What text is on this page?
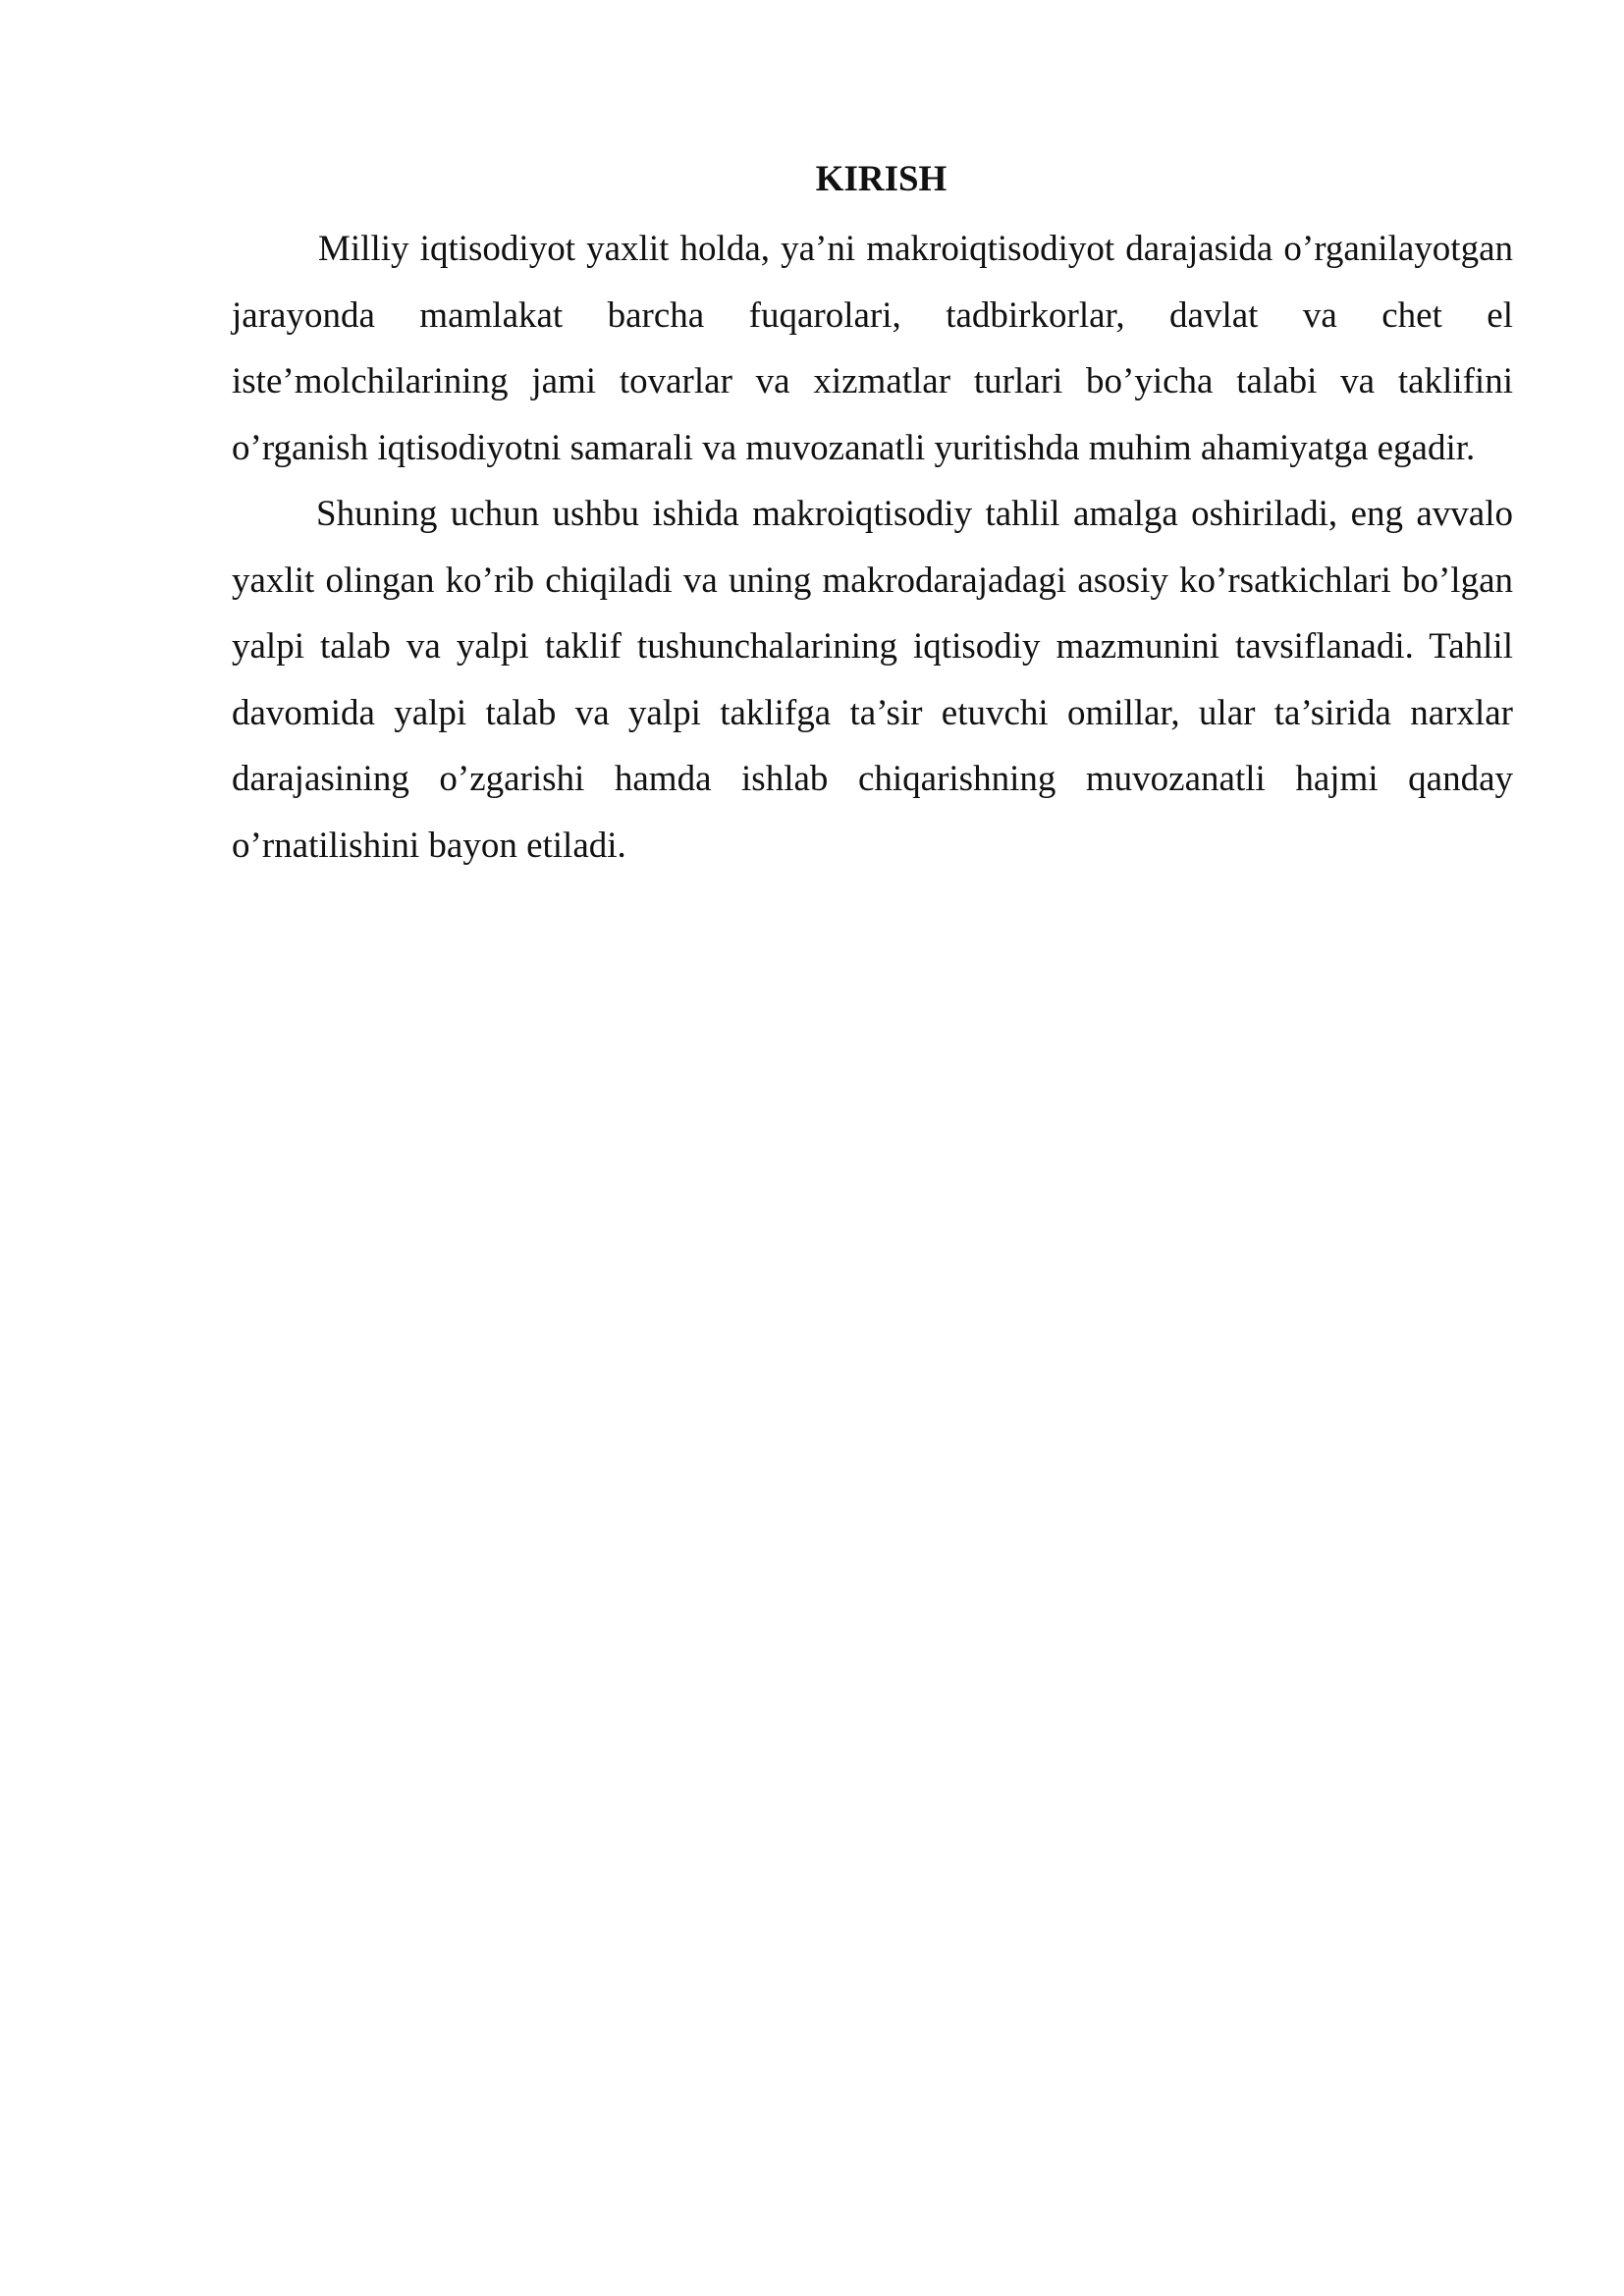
KIRISH

Milliy iqtisodiyot yaxlit holda, ya’ni makroiqtisodiyot darajasida o’rganilayotgan jarayonda mamlakat barcha fuqarolari, tadbirkorlar, davlat va chet el iste’molchilarining jami tovarlar va xizmatlar turlari bo’yicha talabi va taklifini o’rganish iqtisodiyotni samarali va muvozanatli yuritishda muhim ahamiyatga egadir.

Shuning uchun ushbu ishida makroiqtisodiy tahlil amalga oshiriladi, eng avvalo yaxlit olingan ko’rib chiqiladi va uning makrodarajadagi asosiy ko’rsatkichlari bo’lgan yalpi talab va yalpi taklif tushunchalarining iqtisodiy mazmunini tavsiflanadi. Tahlil davomida yalpi talab va yalpi taklifga ta’sir etuvchi omillar, ular ta’sirida narxlar darajasining o’zgarishi hamda ishlab chiqarishning muvozanatli hajmi qanday o’rnatilishini bayon etiladi.
